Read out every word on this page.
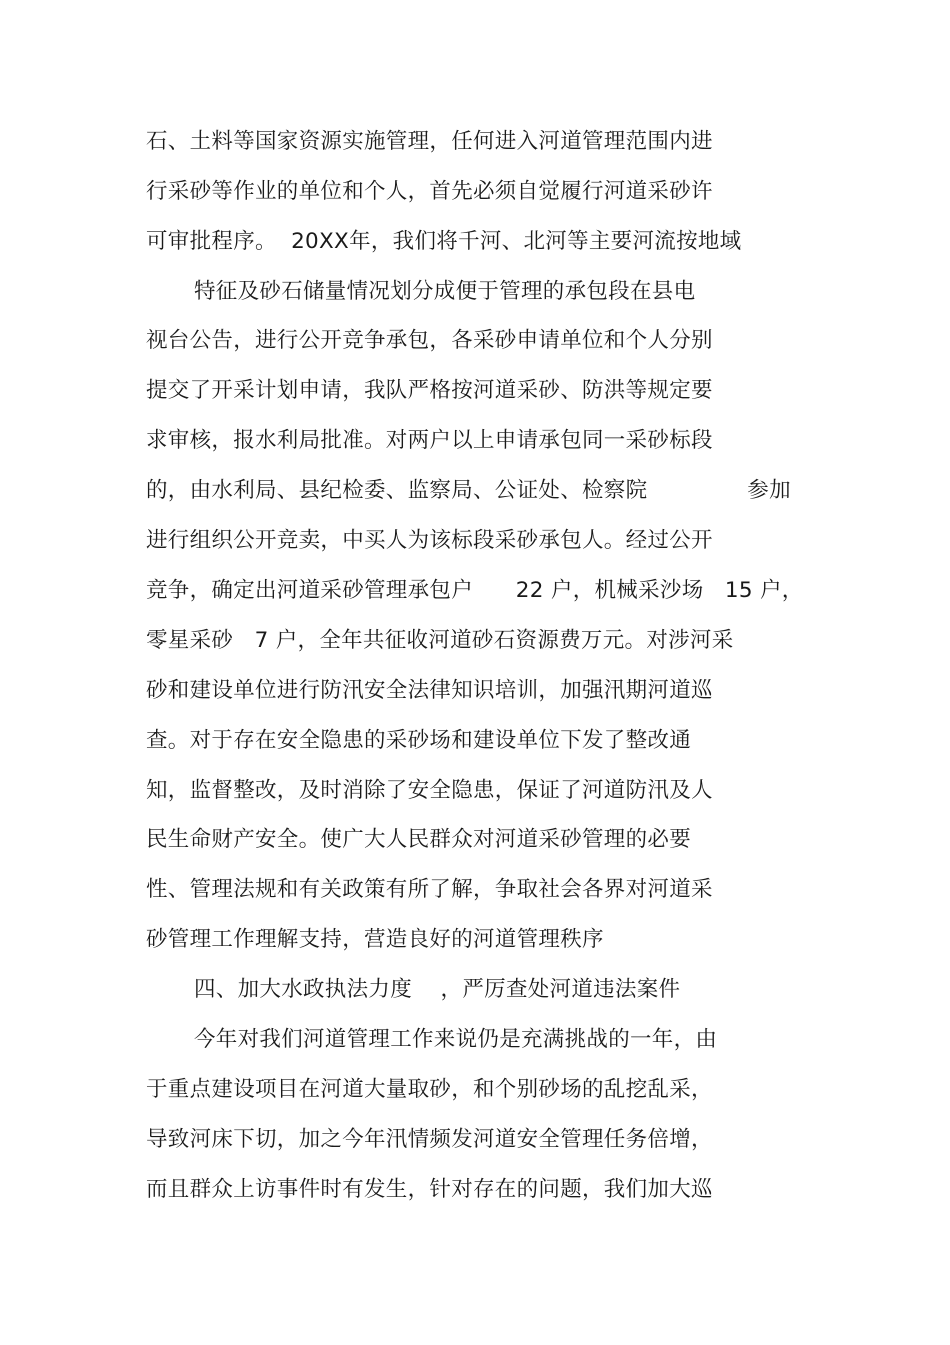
石、土料等国家资源实施管理，任何进入河道管理范围内进
行采砂等作业的单位和个人，首先必须自觉履行河道采砂许
可审批程序。  20XX年，我们将千河、北河等主要河流按地域
特征及砂石储量情况划分成便于管理的承包段在县电
视台公告，进行公开竞争承包，各采砂申请单位和个人分别
提交了开采计划申请，我队严格按河道采砂、防洪等规定要
求审核，报水利局批准。对两户以上申请承包同一采砂标段
的，由水利局、县纪检委、监察局、公证处、检察院              参加
进行组织公开竞卖，中买人为该标段采砂承包人。经过公开
竞争，确定出河道采砂管理承包户      22 户，机械采沙场   15 户，
零星采砂   7 户，全年共征收河道砂石资源费万元。对涉河采
砂和建设单位进行防汛安全法律知识培训，加强汛期河道巡
查。对于存在安全隐患的采砂场和建设单位下发了整改通
知，监督整改，及时消除了安全隐患，保证了河道防汛及人
民生命财产安全。使广大人民群众对河道采砂管理的必要
性、管理法规和有关政策有所了解，争取社会各界对河道采
砂管理工作理解支持，营造良好的河道管理秩序
四、加大水政执法力度    ，严厉查处河道违法案件
今年对我们河道管理工作来说仍是充满挑战的一年，由
于重点建设项目在河道大量取砂，和个别砂场的乱挖乱采，
导致河床下切，加之今年汛情频发河道安全管理任务倍增，
而且群众上访事件时有发生，针对存在的问题，我们加大巡
